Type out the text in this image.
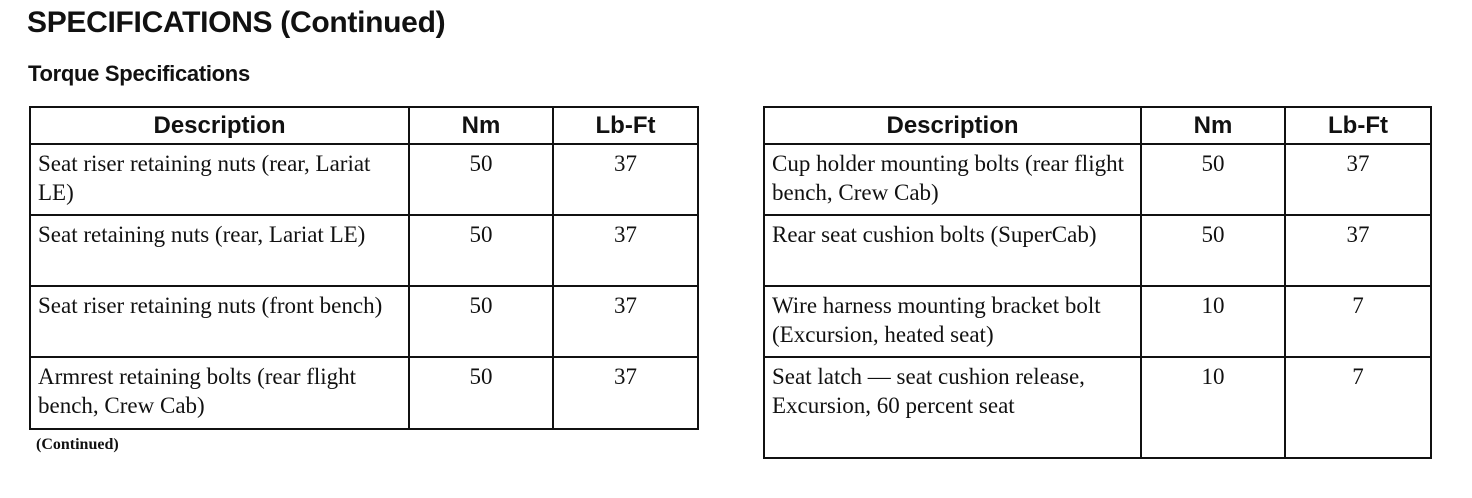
SPECIFICATIONS (Continued)
Torque Specifications
Description	Nm	Lb-Ft
Seat riser retaining nuts (rear, Lariat LE)	50	37
Seat retaining nuts (rear, Lariat LE)	50	37
Seat riser retaining nuts (front bench)	50	37
Armrest retaining bolts (rear flight bench, Crew Cab)	50	37

(Continued)

Description	Nm	Lb-Ft
Cup holder mounting bolts (rear flight bench, Crew Cab)	50	37
Rear seat cushion bolts (SuperCab)	50	37
Wire harness mounting bracket bolt (Excursion, heated seat)	10	7
Seat latch — seat cushion release, Excursion, 60 percent seat	10	7
